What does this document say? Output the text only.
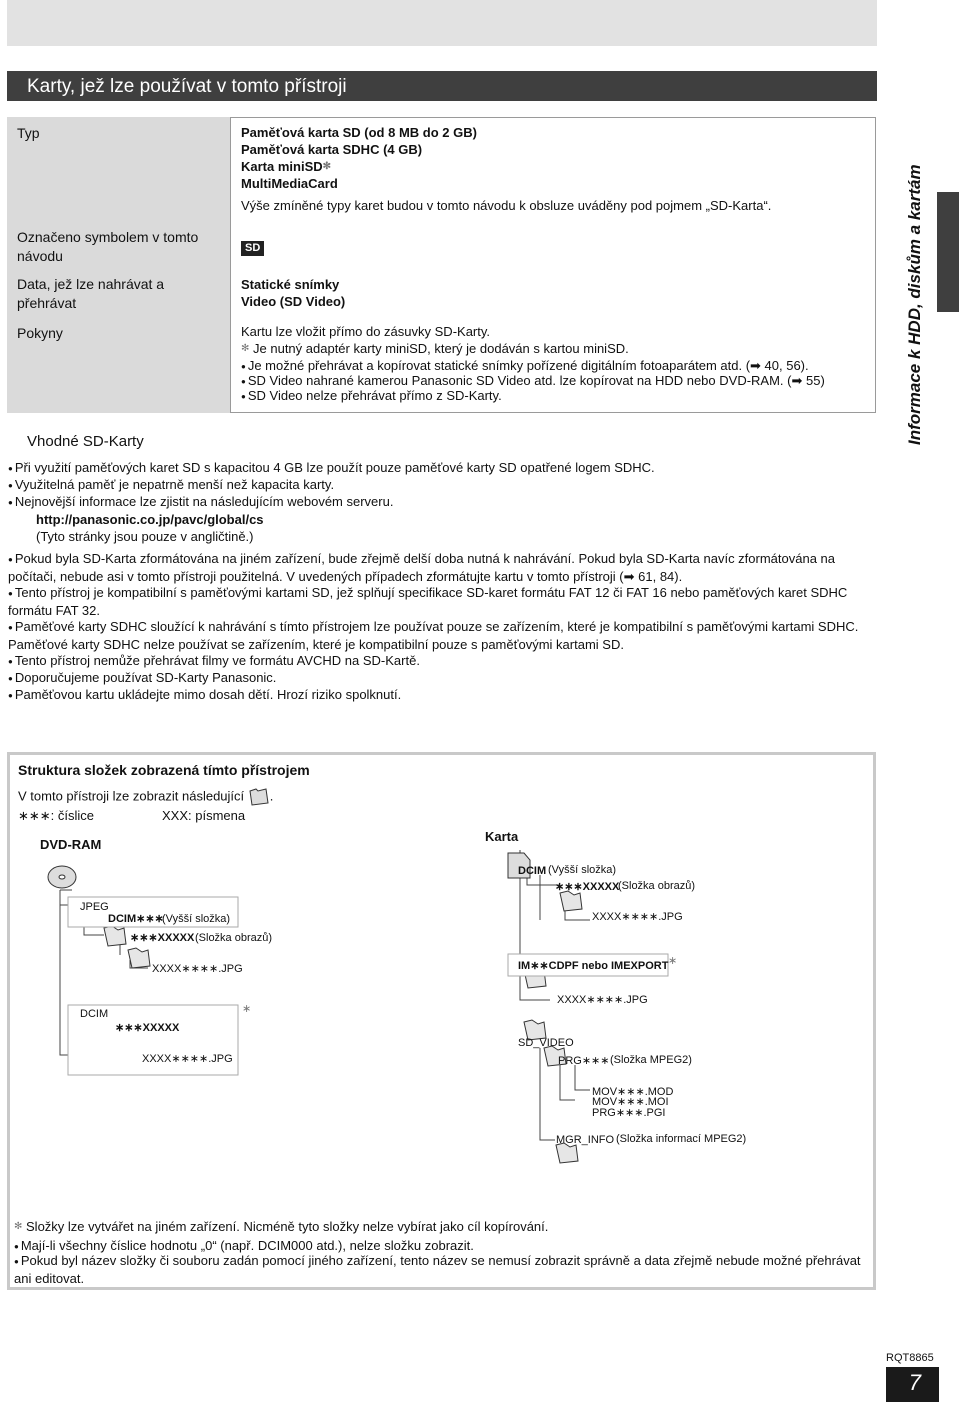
Karty, jež lze používat v tomto přístroji
Typ
Označeno symbolem v tomto návodu
Data, jež lze nahrávat a přehrávat
Pokyny
Paměťová karta SD (od 8 MB do 2 GB)
Paměťová karta SDHC (4 GB)
Karta miniSD✻
MultiMediaCard
Výše zmíněné typy karet budou v tomto návodu k obsluze uváděny pod pojmem „SD-Karta“.
SD
Statické snímky
Video (SD Video)
Kartu lze vložit přímo do zásuvky SD-Karty.
✻ Je nutný adaptér karty miniSD, který je dodáván s kartou miniSD.
● Je možné přehrávat a kopírovat statické snímky pořízené digitálním fotoaparátem atd. (➡ 40, 56).
● SD Video nahrané kamerou Panasonic SD Video atd. lze kopírovat na HDD nebo DVD-RAM. (➡ 55)
● SD Video nelze přehrávat přímo z SD-Karty.	Informace k HDD, diskům a kartám
Vhodné SD-Karty
● Při využití paměťových karet SD s kapacitou 4 GB lze použít pouze paměťové karty SD opatřené logem SDHC.
● Využitelná paměť je nepatrně menší než kapacita karty.
● Nejnovější informace lze zjistit na následujícím webovém serveru.
http://panasonic.co.jp/pavc/global/cs
(Tyto stránky jsou pouze v angličtině.)
● Pokud byla SD-Karta zformátována na jiném zařízení, bude zřejmě delší doba nutná k nahrávání. Pokud byla SD-Karta navíc zformátována na počítači, nebude asi v tomto přístroji použitelná. V uvedených případech zformátujte kartu v tomto přístroji (➡ 61, 84).
● Tento přístroj je kompatibilní s paměťovými kartami SD, jež splňují specifikace SD-karet formátu FAT 12 či FAT 16 nebo paměťových karet SDHC formátu FAT 32.
● Paměťové karty SDHC sloužící k nahrávání s tímto přístrojem lze používat pouze se zařízením, které je kompatibilní s paměťovými kartami SDHC. Paměťové karty SDHC nelze používat se zařízením, které je kompatibilní pouze s paměťovými kartami SD.
● Tento přístroj nemůže přehrávat filmy ve formátu AVCHD na SD-Kartě.
● Doporučujeme používat SD-Karty Panasonic.
● Paměťovou kartu ukládejte mimo dosah dětí. Hrozí riziko spolknutí.
Struktura složek zobrazená tímto přístrojem
V tomto přístroji lze zobrazit následující .
∗∗∗: číslice	XXX: písmena
DVD-RAM
Karta
JPEG
DCIM∗∗∗
(Vyšší složka)
∗∗∗XXXXX (Složka obrazů)
XXXX∗∗∗∗.JPG
DCIM
∗∗∗XXXXX
XXXX∗∗∗∗.JPG
∗
DCIM (Vyšší složka)
∗∗∗XXXXX
(Složka obrazů)
XXXX∗∗∗∗.JPG
IM∗∗CDPF nebo IMEXPORT ∗
XXXX∗∗∗∗.JPG
SD_VIDEO
PRG∗∗∗ (Složka MPEG2)
MOV∗∗∗.MOD
MOV∗∗∗.MOI
PRG∗∗∗.PGI
MGR_INFO (Složka informací MPEG2)
✻ Složky lze vytvářet na jiném zařízení. Nicméně tyto složky nelze vybírat jako cíl kopírování.
● Mají-li všechny číslice hodnotu „0“ (např. DCIM000 atd.), nelze složku zobrazit.
● Pokud byl název složky či souboru zadán pomocí jiného zařízení, tento název se nemusí zobrazit správně a data zřejmě nebude možné přehrávat ani editovat.
RQT8865
7
